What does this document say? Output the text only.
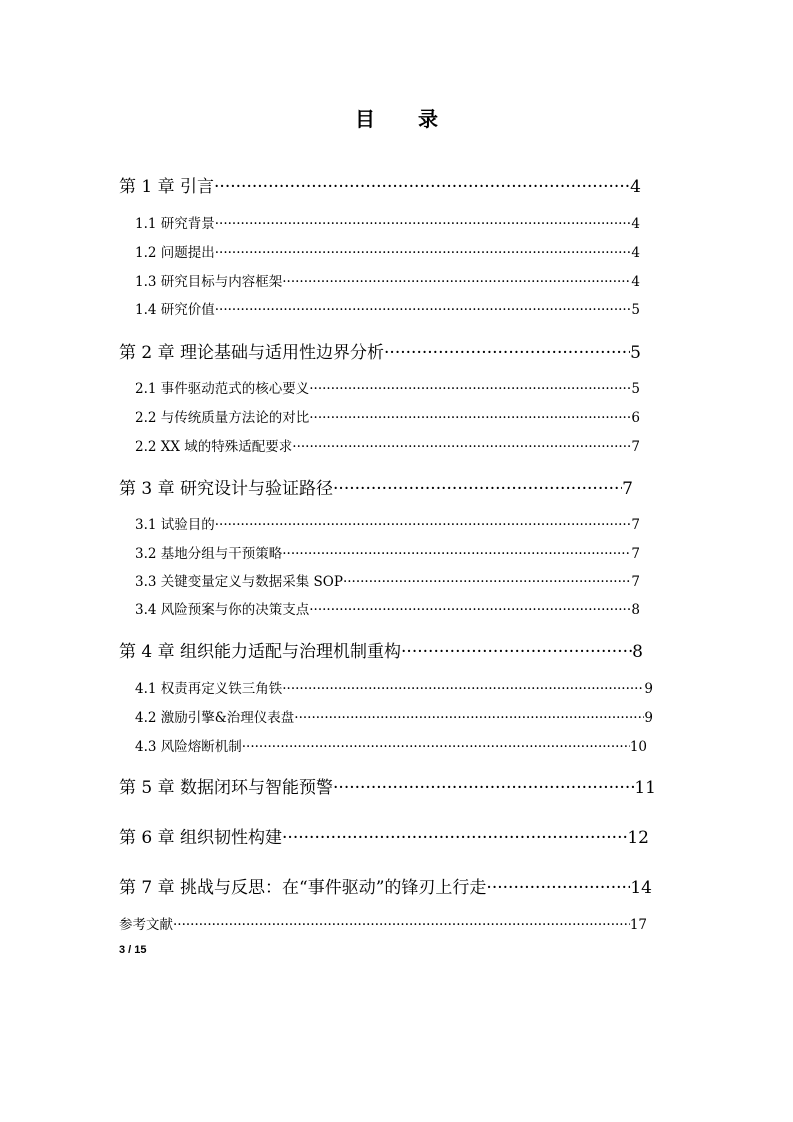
目 录
第 1 章 引言 ·····	4
1.1 研究背景 ·····	4
1.2 问题提出 ·····	4
1.3 研究目标与内容框架 ·····	4
1.4 研究价值 ·····	5
第 2 章 理论基础与适用性边界分析 ·····	5
2.1 事件驱动范式的核心要义 ·····	5
2.2 与传统质量方法论的对比 ·····	6
2.2 XX 域的特殊适配要求 ·····	7
第 3 章 研究设计与验证路径 ·····	7
3.1 试验目的 ·····	7
3.2 基地分组与干预策略 ·····	7
3.3 关键变量定义与数据采集 SOP ·····	7
3.4 风险预案与你的决策支点 ·····	8
第 4 章 组织能力适配与治理机制重构 ·····	8
4.1 权责再定义铁三角铁 ·····	9
4.2 激励引擎&治理仪表盘 ·····	9
4.3 风险熔断机制 ·····	10
第 5 章 数据闭环与智能预警 ·····	11
第 6 章 组织韧性构建 ·····	12
第 7 章 挑战与反思：在“事件驱动”的锋刃上行走 ·····	14
参考文献 ·····	17
3 / 15
